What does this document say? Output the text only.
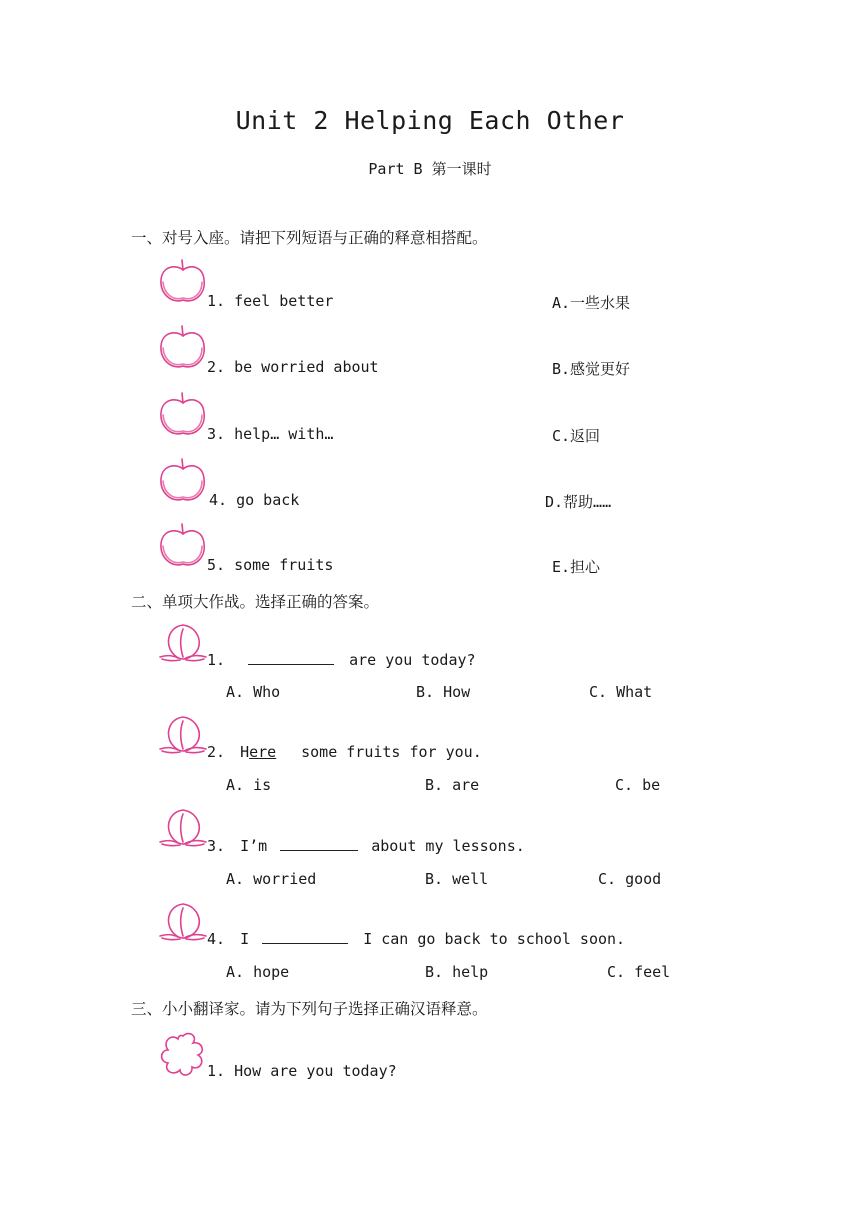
Unit 2 Helping Each Other
Part B 第一课时
一、对号入座。请把下列短语与正确的释意相搭配。
1. feel better	A.一些水果
2. be worried about	B.感觉更好
3. help… with…	C.返回
4. go back	D.帮助……
5. some fruits	E.担心
二、单项大作战。选择正确的答案。
1.	are you today?
A. Who	B. How	C. What
2. Here some fruits for you.
A. is	B. are	C. be
3. I’m	about my lessons.
A. worried	B. well	C. good
4. I	I can go back to school soon.
A. hope	B. help	C. feel
三、小小翻译家。请为下列句子选择正确汉语释意。
1. How are you today?
